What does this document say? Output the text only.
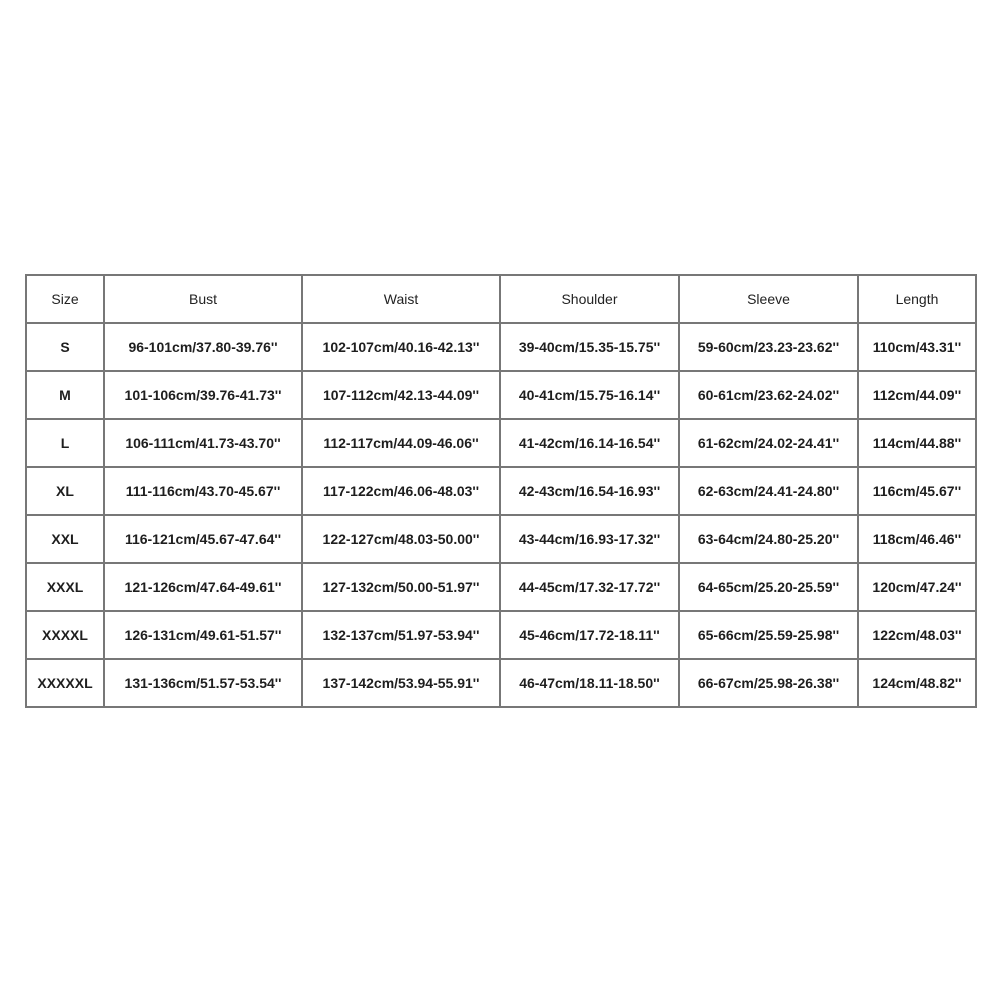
Size	Bust	Waist	Shoulder	Sleeve	Length
S	96-101cm/37.80-39.76''	102-107cm/40.16-42.13''	39-40cm/15.35-15.75''	59-60cm/23.23-23.62''	110cm/43.31''
M	101-106cm/39.76-41.73''	107-112cm/42.13-44.09''	40-41cm/15.75-16.14''	60-61cm/23.62-24.02''	112cm/44.09''
L	106-111cm/41.73-43.70''	112-117cm/44.09-46.06''	41-42cm/16.14-16.54''	61-62cm/24.02-24.41''	114cm/44.88''
XL	111-116cm/43.70-45.67''	117-122cm/46.06-48.03''	42-43cm/16.54-16.93''	62-63cm/24.41-24.80''	116cm/45.67''
XXL	116-121cm/45.67-47.64''	122-127cm/48.03-50.00''	43-44cm/16.93-17.32''	63-64cm/24.80-25.20''	118cm/46.46''
XXXL	121-126cm/47.64-49.61''	127-132cm/50.00-51.97''	44-45cm/17.32-17.72''	64-65cm/25.20-25.59''	120cm/47.24''
XXXXL	126-131cm/49.61-51.57''	132-137cm/51.97-53.94''	45-46cm/17.72-18.11''	65-66cm/25.59-25.98''	122cm/48.03''
XXXXXL	131-136cm/51.57-53.54''	137-142cm/53.94-55.91''	46-47cm/18.11-18.50''	66-67cm/25.98-26.38''	124cm/48.82''
